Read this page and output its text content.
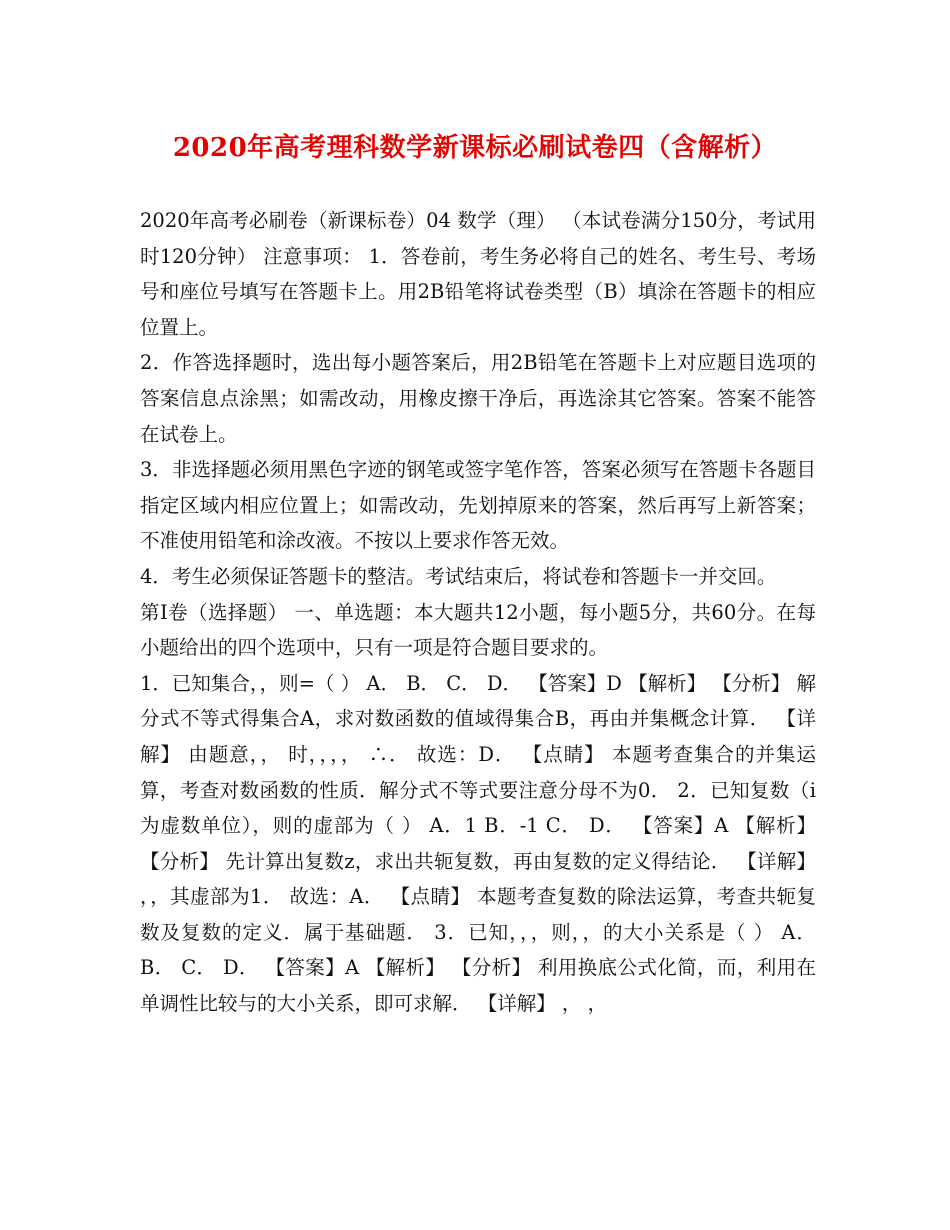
2020年高考理科数学新课标必刷试卷四（含解析）

2020年高考必刷卷（新课标卷）04 数学（理） （本试卷满分150分，考试用时120分钟） 注意事项： 1．答卷前，考生务必将自己的姓名、考生号、考场号和座位号填写在答题卡上。用2B铅笔将试卷类型（B）填涂在答题卡的相应位置上。

2．作答选择题时，选出每小题答案后，用2B铅笔在答题卡上对应题目选项的答案信息点涂黑；如需改动，用橡皮擦干净后，再选涂其它答案。答案不能答在试卷上。

3．非选择题必须用黑色字迹的钢笔或签字笔作答，答案必须写在答题卡各题目指定区域内相应位置上；如需改动，先划掉原来的答案，然后再写上新答案；不准使用铅笔和涂改液。不按以上要求作答无效。

4．考生必须保证答题卡的整洁。考试结束后，将试卷和答题卡一并交回。

第Ⅰ卷（选择题） 一、单选题：本大题共12小题，每小题5分，共60分。在每小题给出的四个选项中，只有一项是符合题目要求的。

1．已知集合，，则=（ ） A． B． C． D． 【答案】D 【解析】 【分析】 解分式不等式得集合A，求对数函数的值域得集合B，再由并集概念计算． 【详解】 由题意，， 时，，，， ∴． 故选：D． 【点睛】 本题考查集合的并集运算，考查对数函数的性质．解分式不等式要注意分母不为0． 2．已知复数（i为虚数单位），则的虚部为（ ） A．1 B．-1 C． D． 【答案】A 【解析】 【分析】 先计算出复数z，求出共轭复数，再由复数的定义得结论． 【详解】 ，，其虚部为1． 故选：A． 【点睛】 本题考查复数的除法运算，考查共轭复数及复数的定义．属于基础题． 3．已知，，，则，，的大小关系是（ ） A． B． C． D． 【答案】A 【解析】 【分析】 利用换底公式化简，而，利用在单调性比较与的大小关系，即可求解． 【详解】 ， ，
